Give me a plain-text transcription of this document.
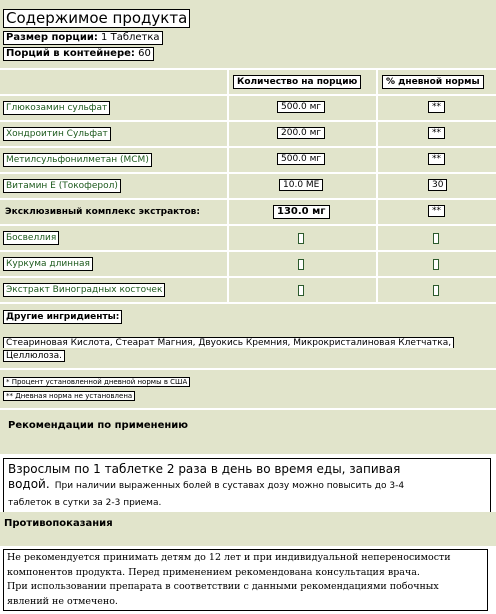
Содержимое продукта
Размер порции: 1 Таблетка
Порций в контейнере: 60
Количество на порцию	% дневной нормы
Глюкозамин сульфат	500.0 мг	**
Хондроитин Сульфат	200.0 мг	**
Метилсульфонилметан (МСМ)	500.0 мг	**
Витамин Е (Токоферол)	10.0 МЕ	30
Эксклюзивный комплекс экстрактов:	130.0 мг	**
Босвеллия
Куркума длинная
Экстракт Виноградных косточек
Другие ингридиенты:
Стеариновая Кислота, Стеарат Магния, Двуокись Кремния, Микрокристалиновая Клетчатка,
Целлюлоза.
* Процент установленной дневной нормы в США
** Дневная норма не установлена
Рекомендации по применению
Взрослым по 1 таблетке 2 раза в день во время еды, запивая
водой. При наличии выраженных болей в суставах дозу можно повысить до 3-4
таблеток в сутки за 2-3 приема.
Противопоказания
Не рекомендуется принимать детям до 12 лет и при индивидуальной непереносимости
компонентов продукта. Перед применением рекомендована консультация врача.
При использовании препарата в соответствии с данными рекомендациями побочных
явлений не отмечено.
